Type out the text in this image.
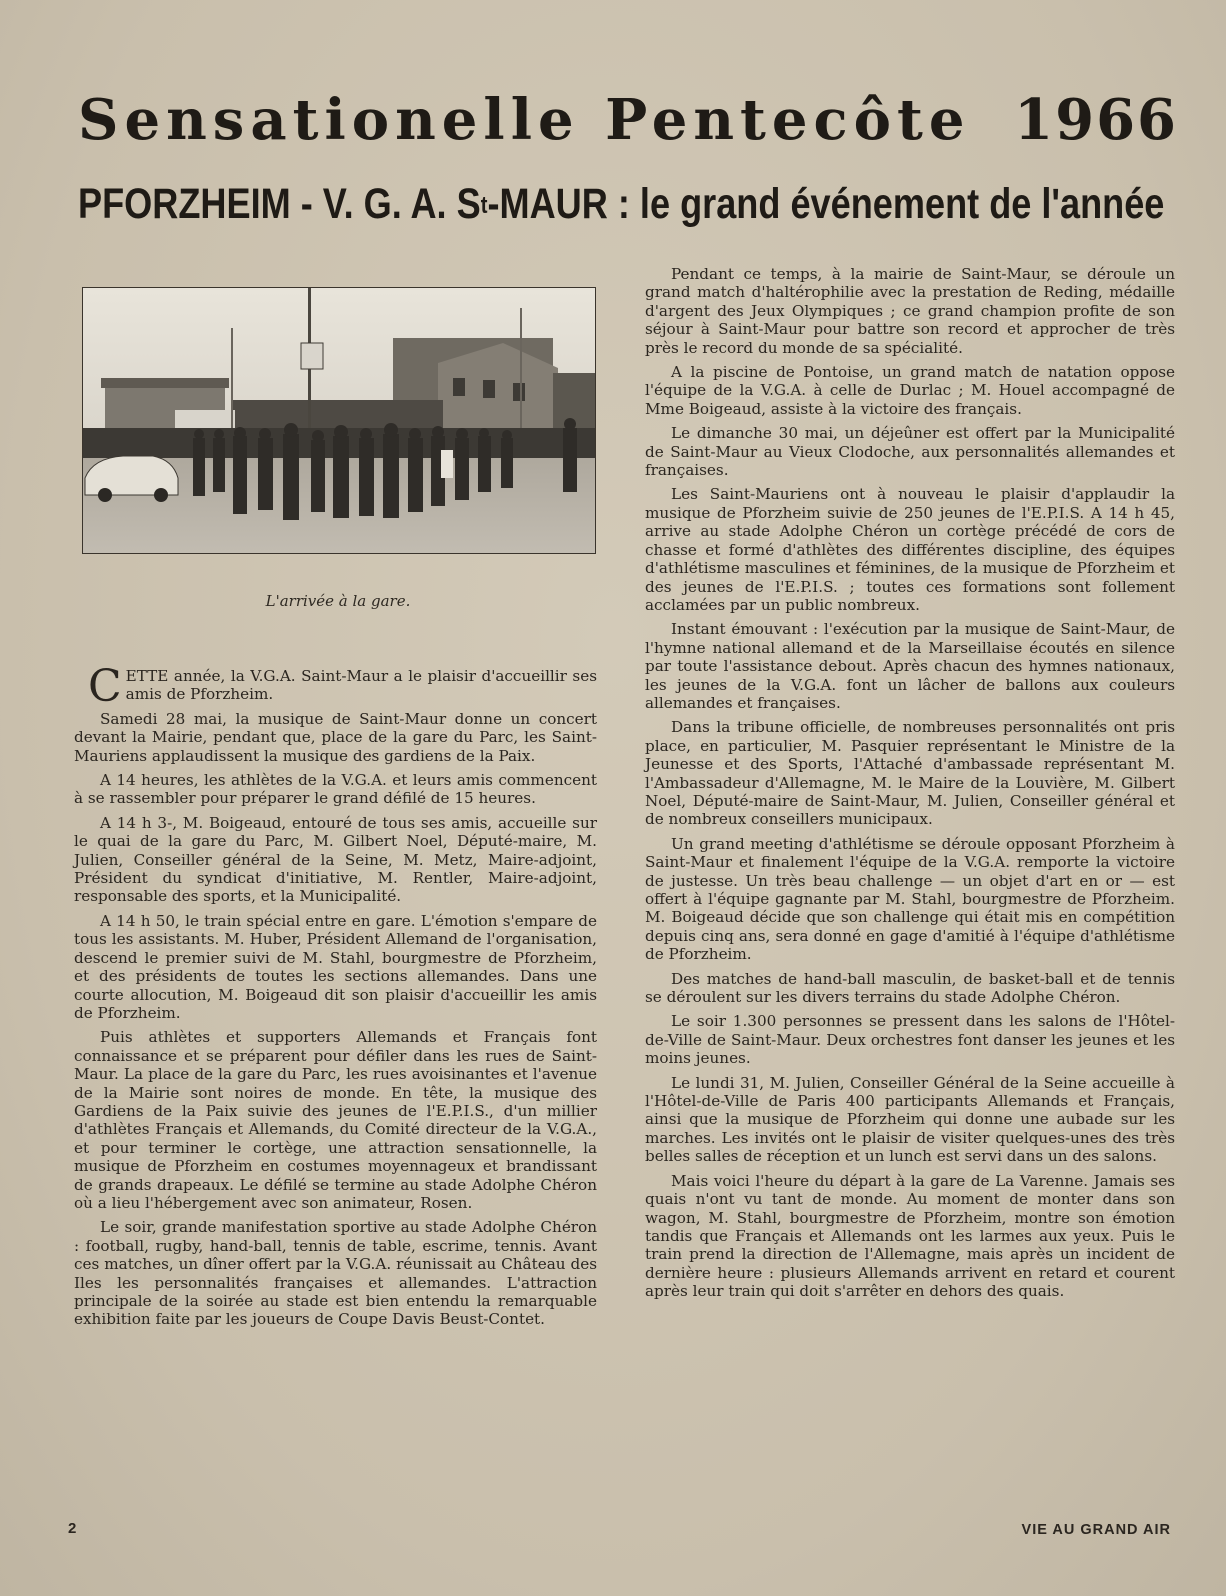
Sensationelle Pentecôte 1966
PFORZHEIM - V. G. A. $S^t$-MAUR : le grand événement de l'année
L'arrivée à la gare.

CETTE année, la V.G.A. Saint-Maur a le plaisir d'accueillir ses amis de Pforzheim.

Samedi 28 mai, la musique de Saint-Maur donne un concert devant la Mairie, pendant que, place de la gare du Parc, les Saint-Mauriens applaudissent la musique des gardiens de la Paix.

A 14 heures, les athlètes de la V.G.A. et leurs amis commencent à se rassembler pour préparer le grand défilé de 15 heures.

A 14 h 3-, M. Boigeaud, entouré de tous ses amis, accueille sur le quai de la gare du Parc, M. Gilbert Noel, Député-maire, M. Julien, Conseiller général de la Seine, M. Metz, Maire-adjoint, Président du syndicat d'initiative, M. Rentler, Maire-adjoint, responsable des sports, et la Municipalité.

A 14 h 50, le train spécial entre en gare. L'émotion s'empare de tous les assistants. M. Huber, Président Allemand de l'organisation, descend le premier suivi de M. Stahl, bourgmestre de Pforzheim, et des présidents de toutes les sections allemandes. Dans une courte allocution, M. Boigeaud dit son plaisir d'accueillir les amis de Pforzheim.

Puis athlètes et supporters Allemands et Français font connaissance et se préparent pour défiler dans les rues de Saint-Maur. La place de la gare du Parc, les rues avoisinantes et l'avenue de la Mairie sont noires de monde. En tête, la musique des Gardiens de la Paix suivie des jeunes de l'E.P.I.S., d'un millier d'athlètes Français et Allemands, du Comité directeur de la V.G.A., et pour terminer le cortège, une attraction sensationnelle, la musique de Pforzheim en costumes moyennageux et brandissant de grands drapeaux. Le défilé se termine au stade Adolphe Chéron où a lieu l'hébergement avec son animateur, Rosen.

Le soir, grande manifestation sportive au stade Adolphe Chéron : football, rugby, hand-ball, tennis de table, escrime, tennis. Avant ces matches, un dîner offert par la V.G.A. réunissait au Château des Iles les personnalités françaises et allemandes. L'attraction principale de la soirée au stade est bien entendu la remarquable exhibition faite par les joueurs de Coupe Davis Beust-Contet.

Pendant ce temps, à la mairie de Saint-Maur, se déroule un grand match d'haltérophilie avec la prestation de Reding, médaille d'argent des Jeux Olympiques ; ce grand champion profite de son séjour à Saint-Maur pour battre son record et approcher de très près le record du monde de sa spécialité.

A la piscine de Pontoise, un grand match de natation oppose l'équipe de la V.G.A. à celle de Durlac ; M. Houel accompagné de Mme Boigeaud, assiste à la victoire des français.

Le dimanche 30 mai, un déjeûner est offert par la Municipalité de Saint-Maur au Vieux Clodoche, aux personnalités allemandes et françaises.

Les Saint-Mauriens ont à nouveau le plaisir d'applaudir la musique de Pforzheim suivie de 250 jeunes de l'E.P.I.S. A 14 h 45, arrive au stade Adolphe Chéron un cortège précédé de cors de chasse et formé d'athlètes des différentes discipline, des équipes d'athlétisme masculines et féminines, de la musique de Pforzheim et des jeunes de l'E.P.I.S. ; toutes ces formations sont follement acclamées par un public nombreux.

Instant émouvant : l'exécution par la musique de Saint-Maur, de l'hymne national allemand et de la Marseillaise écoutés en silence par toute l'assistance debout. Après chacun des hymnes nationaux, les jeunes de la V.G.A. font un lâcher de ballons aux couleurs allemandes et françaises.

Dans la tribune officielle, de nombreuses personnalités ont pris place, en particulier, M. Pasquier représentant le Ministre de la Jeunesse et des Sports, l'Attaché d'ambassade représentant M. l'Ambassadeur d'Allemagne, M. le Maire de la Louvière, M. Gilbert Noel, Député-maire de Saint-Maur, M. Julien, Conseiller général et de nombreux conseillers municipaux.

Un grand meeting d'athlétisme se déroule opposant Pforzheim à Saint-Maur et finalement l'équipe de la V.G.A. remporte la victoire de justesse. Un très beau challenge — un objet d'art en or — est offert à l'équipe gagnante par M. Stahl, bourgmestre de Pforzheim. M. Boigeaud décide que son challenge qui était mis en compétition depuis cinq ans, sera donné en gage d'amitié à l'équipe d'athlétisme de Pforzheim.

Des matches de hand-ball masculin, de basket-ball et de tennis se déroulent sur les divers terrains du stade Adolphe Chéron.

Le soir 1.300 personnes se pressent dans les salons de l'Hôtel-de-Ville de Saint-Maur. Deux orchestres font danser les jeunes et les moins jeunes.

Le lundi 31, M. Julien, Conseiller Général de la Seine accueille à l'Hôtel-de-Ville de Paris 400 participants Allemands et Français, ainsi que la musique de Pforzheim qui donne une aubade sur les marches. Les invités ont le plaisir de visiter quelques-unes des très belles salles de réception et un lunch est servi dans un des salons.

Mais voici l'heure du départ à la gare de La Varenne. Jamais ses quais n'ont vu tant de monde. Au moment de monter dans son wagon, M. Stahl, bourgmestre de Pforzheim, montre son émotion tandis que Français et Allemands ont les larmes aux yeux. Puis le train prend la direction de l'Allemagne, mais après un incident de dernière heure : plusieurs Allemands arrivent en retard et courent après leur train qui doit s'arrêter en dehors des quais.

2	VIE AU GRAND AIR
